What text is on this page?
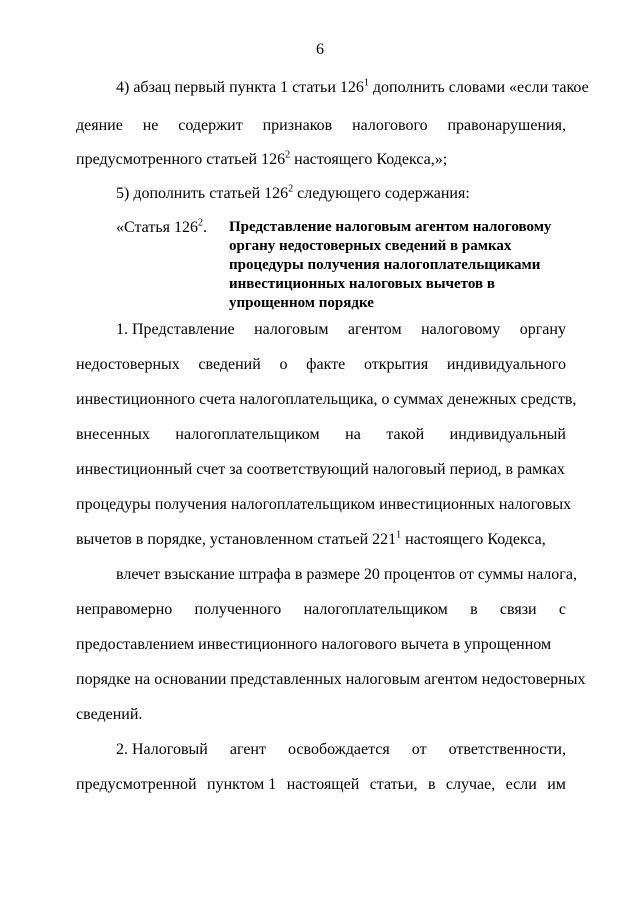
6
4) абзац первый пункта 1 статьи $126^1$ дополнить словами «если такое
деяние не содержит признаков налогового правонарушения,
предусмотренного статьей $126^2$ настоящего Кодекса,»;
5) дополнить статьей $126^2$ следующего содержания:
«Статья $126^2$. Представление налоговым агентом налоговому
органу недостоверных сведений в рамках
процедуры получения налогоплательщиками
инвестиционных налоговых вычетов в
упрощенном порядке
1. Представление налоговым агентом налоговому органу
недостоверных сведений о факте открытия индивидуального
инвестиционного счета налогоплательщика, о суммах денежных средств,
внесенных налогоплательщиком на такой индивидуальный
инвестиционный счет за соответствующий налоговый период, в рамках
процедуры получения налогоплательщиком инвестиционных налоговых
вычетов в порядке, установленном статьей $221^1$ настоящего Кодекса,
влечет взыскание штрафа в размере 20 процентов от суммы налога,
неправомерно полученного налогоплательщиком в связи с
предоставлением инвестиционного налогового вычета в упрощенном
порядке на основании представленных налоговым агентом недостоверных
сведений.
2. Налоговый агент освобождается от ответственности,
предусмотренной пунктом 1 настоящей статьи, в случае, если им
